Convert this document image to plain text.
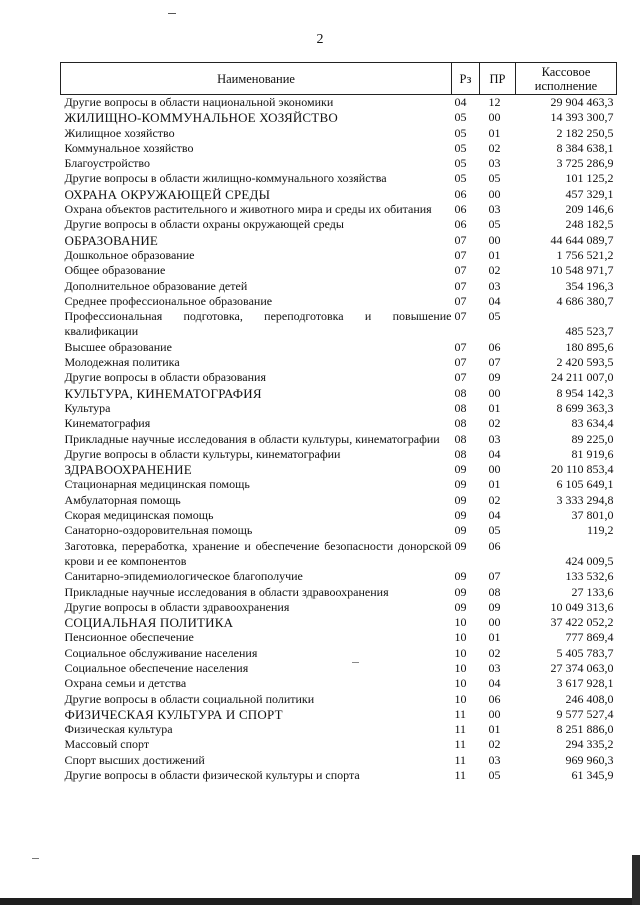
2
Наименование	Рз	ПР	Кассовое
исполнение

Другие вопросы в области национальной экономики	04	12	29 904 463,3
ЖИЛИЩНО-КОММУНАЛЬНОЕ ХОЗЯЙСТВО	05	00	14 393 300,7
Жилищное хозяйство	05	01	2 182 250,5
Коммунальное хозяйство	05	02	8 384 638,1
Благоустройство	05	03	3 725 286,9
Другие вопросы в области жилищно-коммунального хозяйства	05	05	101 125,2
ОХРАНА ОКРУЖАЮЩЕЙ СРЕДЫ	06	00	457 329,1
Охрана объектов растительного и животного мира и среды их обитания	06	03	209 146,6
Другие вопросы в области охраны окружающей среды	06	05	248 182,5
ОБРАЗОВАНИЕ	07	00	44 644 089,7
Дошкольное образование	07	01	1 756 521,2
Общее образование	07	02	10 548 971,7
Дополнительное образование детей	07	03	354 196,3
Среднее профессиональное образование	07	04	4 686 380,7
Профессиональная подготовка, переподготовка и повышение квалификации	07	05	485 523,7
Высшее образование	07	06	180 895,6
Молодежная политика	07	07	2 420 593,5
Другие вопросы в области образования	07	09	24 211 007,0
КУЛЬТУРА, КИНЕМАТОГРАФИЯ	08	00	8 954 142,3
Культура	08	01	8 699 363,3
Кинематография	08	02	83 634,4
Прикладные научные исследования в области культуры, кинематографии	08	03	89 225,0
Другие вопросы в области культуры, кинематографии	08	04	81 919,6
ЗДРАВООХРАНЕНИЕ	09	00	20 110 853,4
Стационарная медицинская помощь	09	01	6 105 649,1
Амбулаторная помощь	09	02	3 333 294,8
Скорая медицинская помощь	09	04	37 801,0
Санаторно-оздоровительная помощь	09	05	119,2
Заготовка, переработка, хранение и обеспечение безопасности донорской крови и ее компонентов	09	06	424 009,5
Санитарно-эпидемиологическое благополучие	09	07	133 532,6
Прикладные научные исследования в области здравоохранения	09	08	27 133,6
Другие вопросы в области здравоохранения	09	09	10 049 313,6
СОЦИАЛЬНАЯ ПОЛИТИКА	10	00	37 422 052,2
Пенсионное обеспечение	10	01	777 869,4
Социальное обслуживание населения	10	02	5 405 783,7
Социальное обеспечение населения	10	03	27 374 063,0
Охрана семьи и детства	10	04	3 617 928,1
Другие вопросы в области социальной политики	10	06	246 408,0
ФИЗИЧЕСКАЯ КУЛЬТУРА И СПОРТ	11	00	9 577 527,4
Физическая культура	11	01	8 251 886,0
Массовый спорт	11	02	294 335,2
Спорт высших достижений	11	03	969 960,3
Другие вопросы в области физической культуры и спорта	11	05	61 345,9
